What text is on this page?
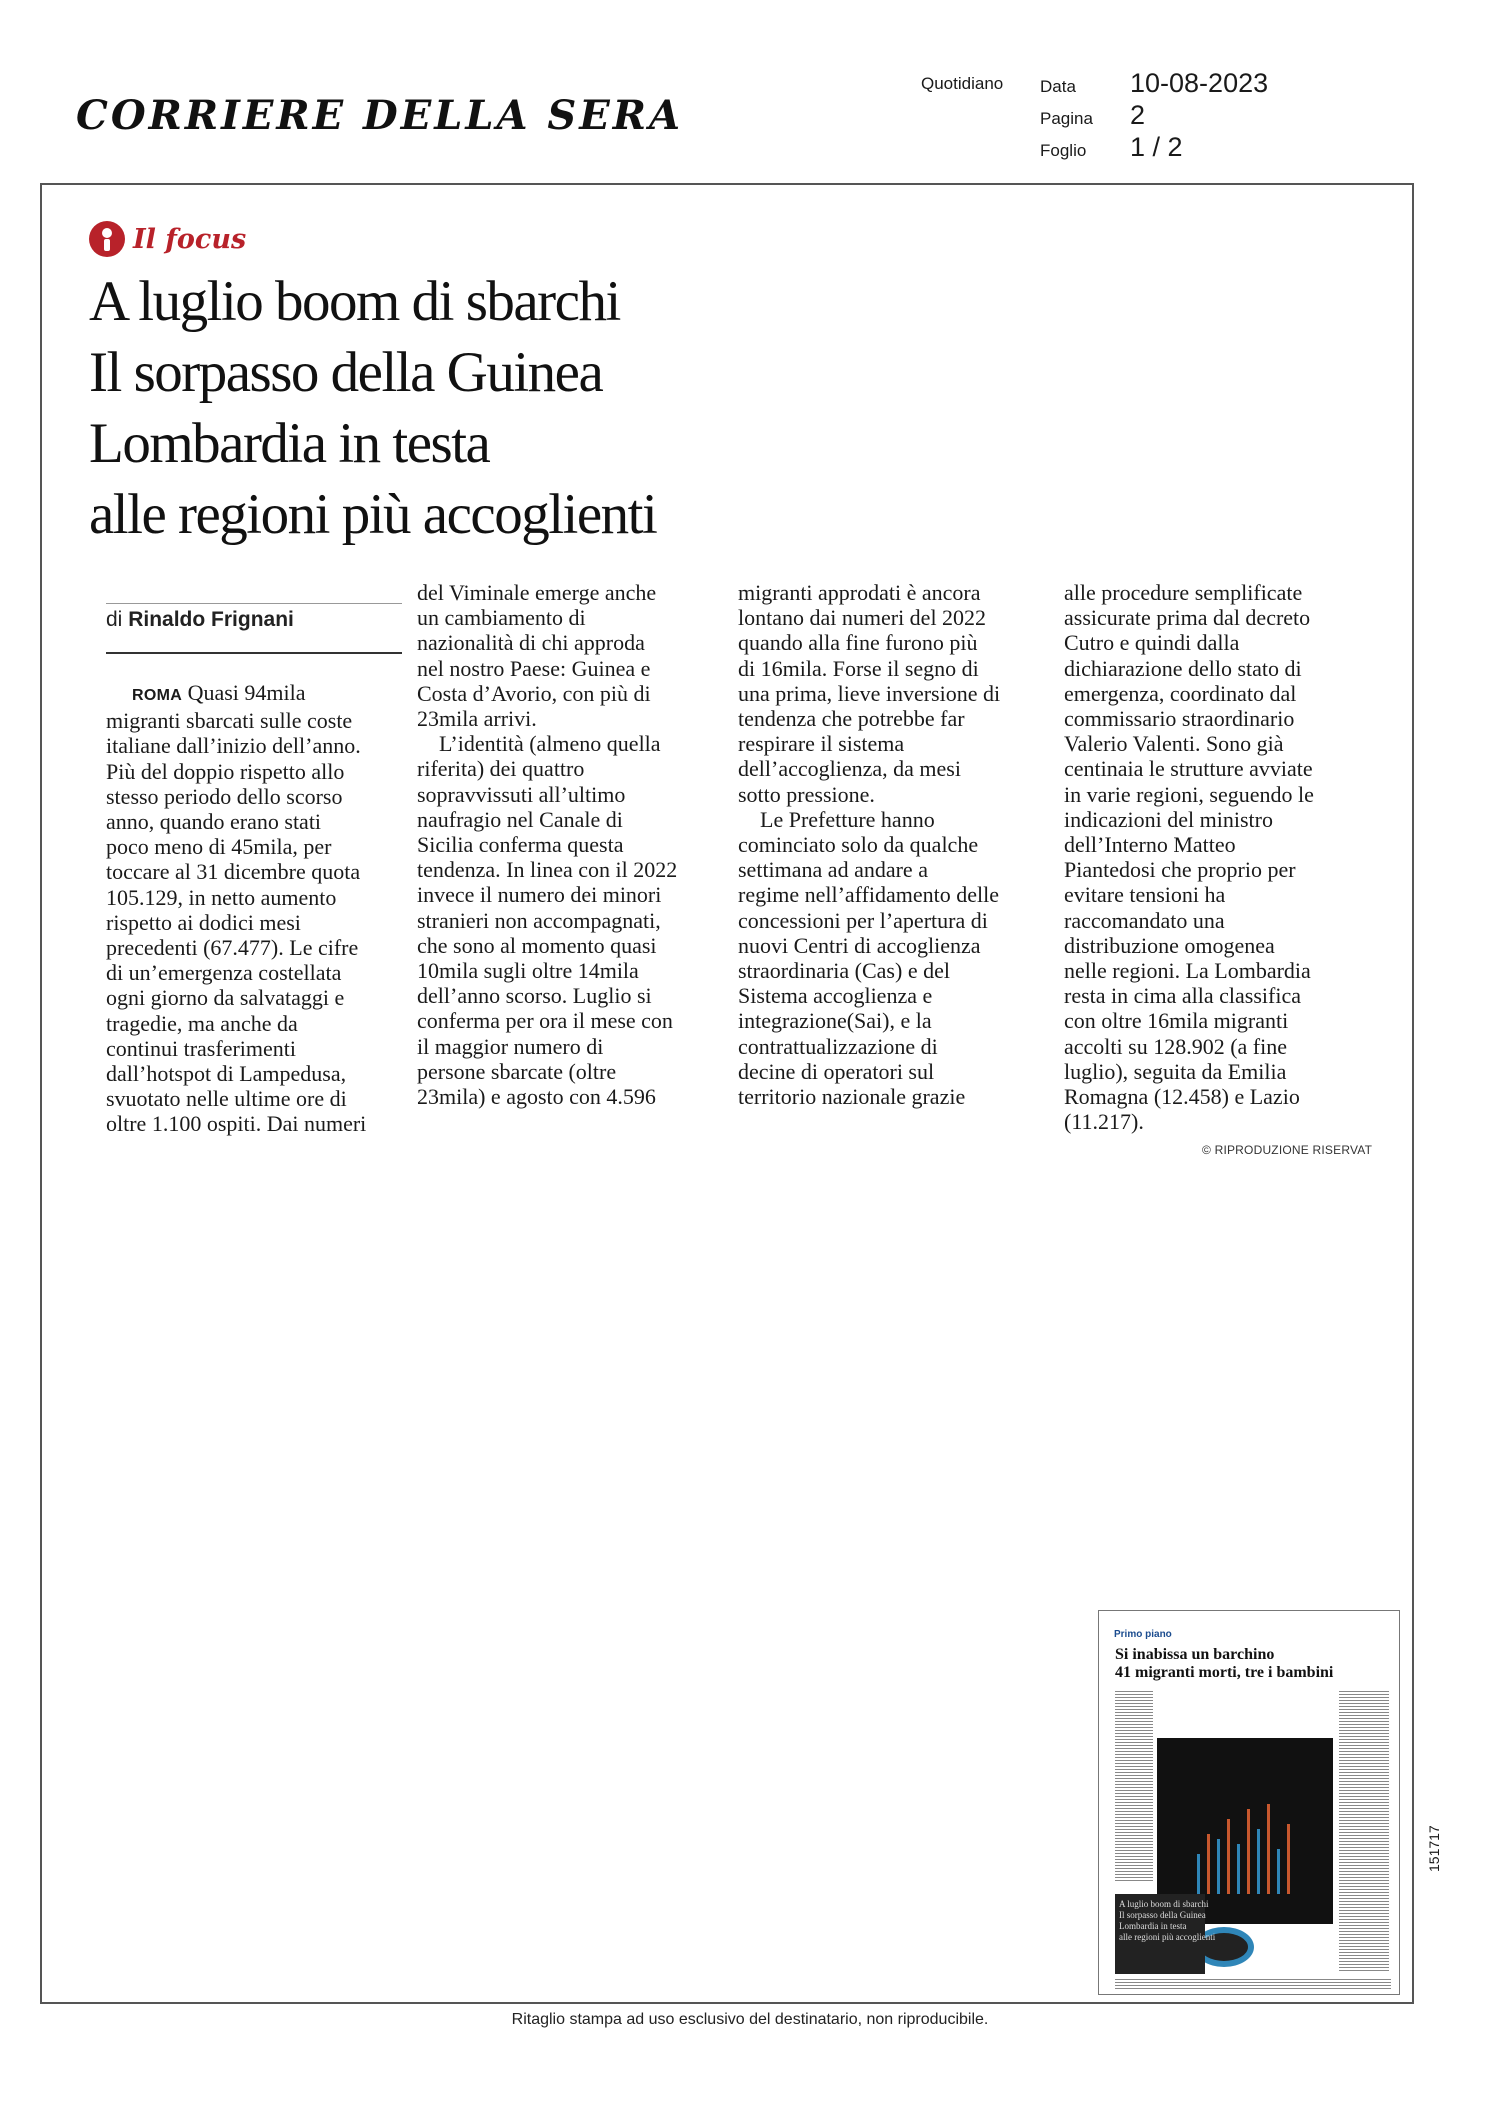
CORRIERE DELLA SERA
Quotidiano Data	10-08-2023
Pagina	2
Foglio	1 / 2
Il focus
A luglio boom di sbarchi
Il sorpasso della Guinea
Lombardia in testa
alle regioni più accoglienti
di Rinaldo Frignani
ROMA Quasi 94mila
migranti sbarcati sulle coste
italiane dall’inizio dell’anno.
Più del doppio rispetto allo
stesso periodo dello scorso
anno, quando erano stati
poco meno di 45mila, per
toccare al 31 dicembre quota
105.129, in netto aumento
rispetto ai dodici mesi
precedenti (67.477). Le cifre
di un’emergenza costellata
ogni giorno da salvataggi e
tragedie, ma anche da
continui trasferimenti
dall’hotspot di Lampedusa,
svuotato nelle ultime ore di
oltre 1.100 ospiti. Dai numeri
del Viminale emerge anche
un cambiamento di
nazionalità di chi approda
nel nostro Paese: Guinea e
Costa d’Avorio, con più di
23mila arrivi.
L’identità (almeno quella
riferita) dei quattro
sopravvissuti all’ultimo
naufragio nel Canale di
Sicilia conferma questa
tendenza. In linea con il 2022
invece il numero dei minori
stranieri non accompagnati,
che sono al momento quasi
10mila sugli oltre 14mila
dell’anno scorso. Luglio si
conferma per ora il mese con
il maggior numero di
persone sbarcate (oltre
23mila) e agosto con 4.596
migranti approdati è ancora
lontano dai numeri del 2022
quando alla fine furono più
di 16mila. Forse il segno di
una prima, lieve inversione di
tendenza che potrebbe far
respirare il sistema
dell’accoglienza, da mesi
sotto pressione.
Le Prefetture hanno
cominciato solo da qualche
settimana ad andare a
regime nell’affidamento delle
concessioni per l’apertura di
nuovi Centri di accoglienza
straordinaria (Cas) e del
Sistema accoglienza e
integrazione(Sai), e la
contrattualizzazione di
decine di operatori sul
territorio nazionale grazie
alle procedure semplificate
assicurate prima dal decreto
Cutro e quindi dalla
dichiarazione dello stato di
emergenza, coordinato dal
commissario straordinario
Valerio Valenti. Sono già
centinaia le strutture avviate
in varie regioni, seguendo le
indicazioni del ministro
dell’Interno Matteo
Piantedosi che proprio per
evitare tensioni ha
raccomandato una
distribuzione omogenea
nelle regioni. La Lombardia
resta in cima alla classifica
con oltre 16mila migranti
accolti su 128.902 (a fine
luglio), seguita da Emilia
Romagna (12.458) e Lazio
(11.217).
© RIPRODUZIONE RISERVAT
Primo piano
Si inabissa un barchino
41 migranti morti, tre i bambini

A luglio boom di sbarchi
Il sorpasso della Guinea
Lombardia in testa
alle regioni più accoglienti

151717
Ritaglio stampa ad uso esclusivo del destinatario, non riproducibile.
